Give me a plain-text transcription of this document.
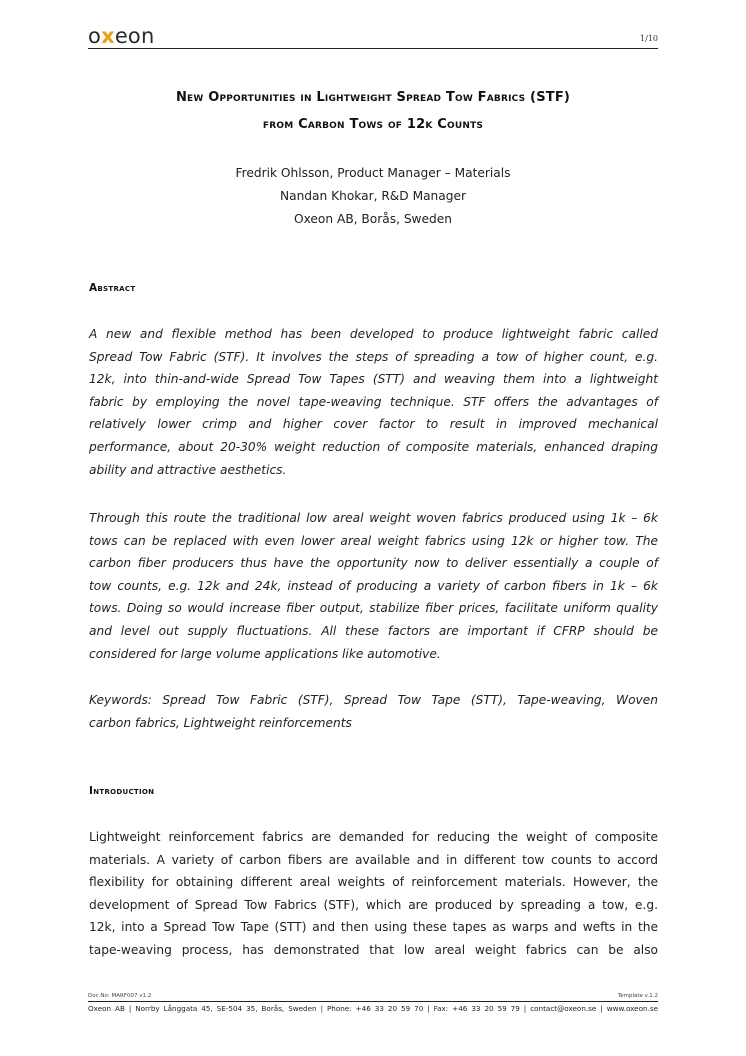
oxeon	1/10
New Opportunities in Lightweight Spread Tow Fabrics (STF)
from Carbon Tows of 12k Counts
Fredrik Ohlsson, Product Manager – Materials
Nandan Khokar, R&D Manager
Oxeon AB, Borås, Sweden
Abstract
A new and flexible method has been developed to produce lightweight fabric called
Spread Tow Fabric (STF). It involves the steps of spreading a tow of higher count, e.g.
12k, into thin-and-wide Spread Tow Tapes (STT) and weaving them into a lightweight
fabric by employing the novel tape-weaving technique. STF offers the advantages of
relatively lower crimp and higher cover factor to result in improved mechanical
performance, about 20-30% weight reduction of composite materials, enhanced draping
ability and attractive aesthetics.
Through this route the traditional low areal weight woven fabrics produced using 1k – 6k
tows can be replaced with even lower areal weight fabrics using 12k or higher tow. The
carbon fiber producers thus have the opportunity now to deliver essentially a couple of
tow counts, e.g. 12k and 24k, instead of producing a variety of carbon fibers in 1k – 6k
tows. Doing so would increase fiber output, stabilize fiber prices, facilitate uniform quality
and level out supply fluctuations. All these factors are important if CFRP should be
considered for large volume applications like automotive.
Keywords: Spread Tow Fabric (STF), Spread Tow Tape (STT), Tape-weaving, Woven
carbon fabrics, Lightweight reinforcements
Introduction
Lightweight reinforcement fabrics are demanded for reducing the weight of composite
materials. A variety of carbon fibers are available and in different tow counts to accord
flexibility for obtaining different areal weights of reinforcement materials. However, the
development of Spread Tow Fabrics (STF), which are produced by spreading a tow, e.g.
12k, into a Spread Tow Tape (STT) and then using these tapes as warps and wefts in the
tape-weaving process, has demonstrated that low areal weight fabrics can be also
Doc.No: MARF007 v1.2	Template v.1.2
Oxeon AB | Norrby Långgata 45, SE-504 35, Borås, Sweden | Phone: +46 33 20 59 70 | Fax: +46 33 20 59 79 | contact@oxeon.se | www.oxeon.se
